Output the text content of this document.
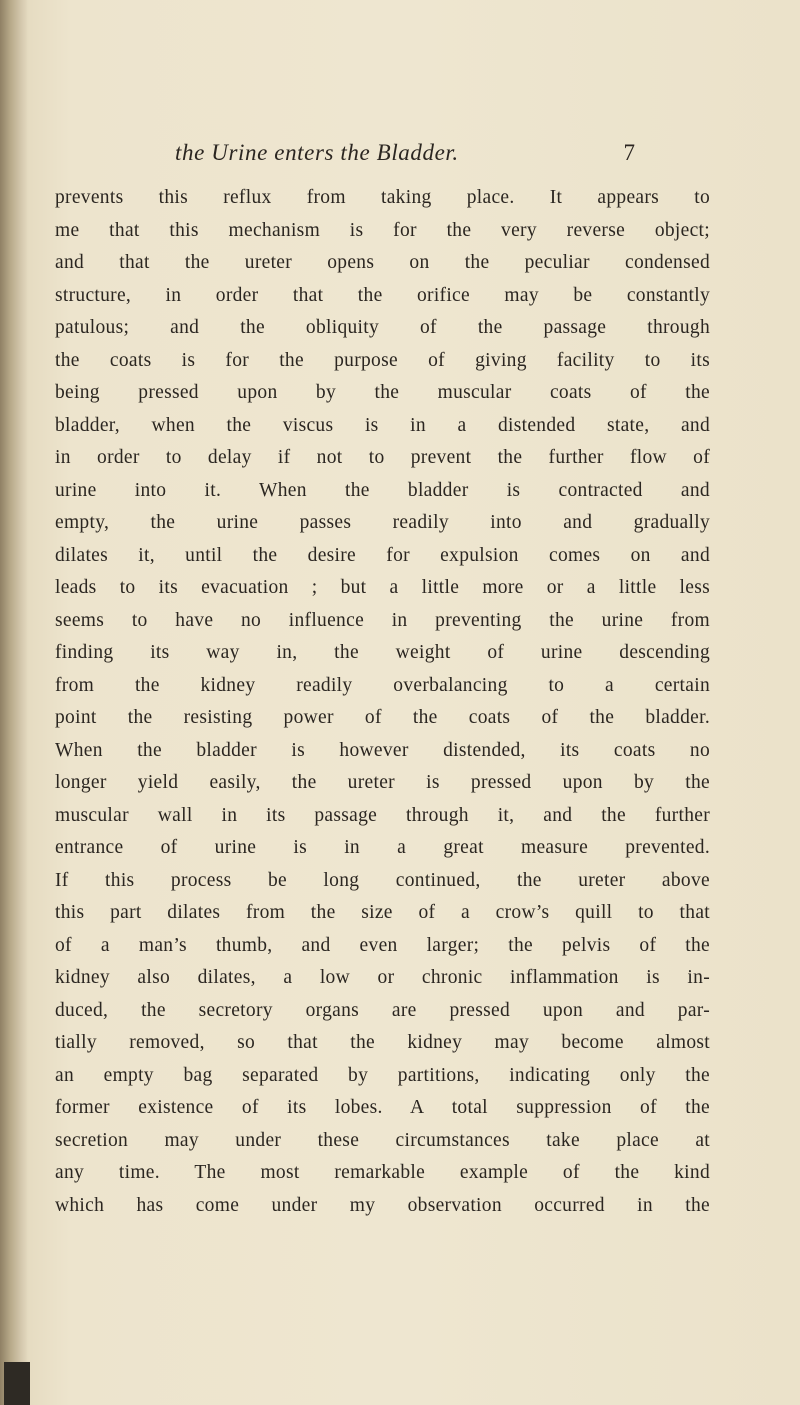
the Urine enters the Bladder.	7
prevents this reflux from taking place. It appears to
me that this mechanism is for the very reverse object;
and that the ureter opens on the peculiar condensed
structure, in order that the orifice may be constantly
patulous; and the obliquity of the passage through
the coats is for the purpose of giving facility to its
being pressed upon by the muscular coats of the
bladder, when the viscus is in a distended state, and
in order to delay if not to prevent the further flow of
urine into it. When the bladder is contracted and
empty, the urine passes readily into and gradually
dilates it, until the desire for expulsion comes on and
leads to its evacuation ; but a little more or a little less
seems to have no influence in preventing the urine from
finding its way in, the weight of urine descending
from the kidney readily overbalancing to a certain
point the resisting power of the coats of the bladder.
When the bladder is however distended, its coats no
longer yield easily, the ureter is pressed upon by the
muscular wall in its passage through it, and the further
entrance of urine is in a great measure prevented.
If this process be long continued, the ureter above
this part dilates from the size of a crow’s quill to that
of a man’s thumb, and even larger; the pelvis of the
kidney also dilates, a low or chronic inflammation is in-
duced, the secretory organs are pressed upon and par-
tially removed, so that the kidney may become almost
an empty bag separated by partitions, indicating only the
former existence of its lobes. A total suppression of the
secretion may under these circumstances take place at
any time. The most remarkable example of the kind
which has come under my observation occurred in the
